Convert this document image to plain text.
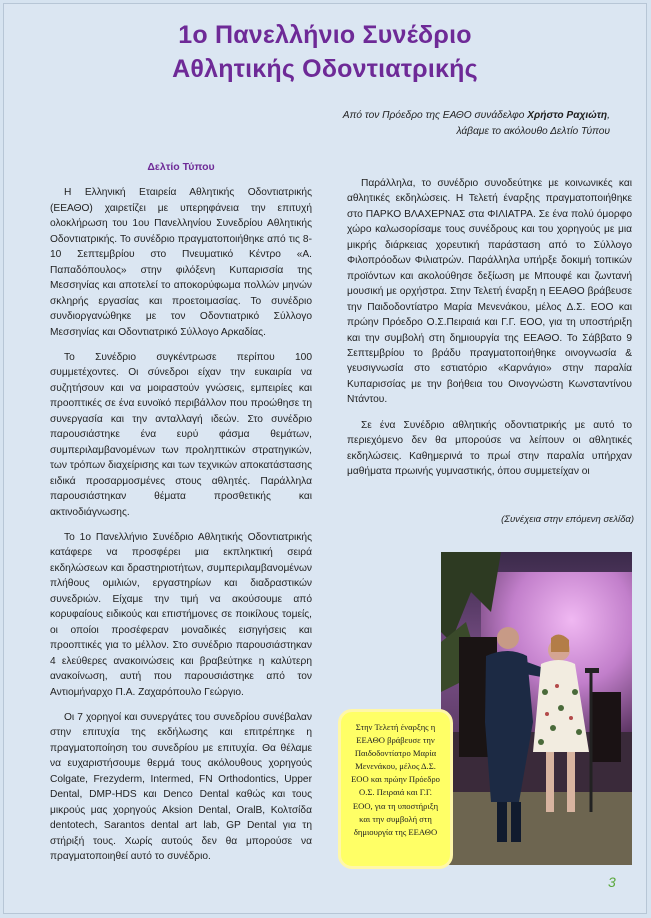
1ο Πανελλήνιο Συνέδριο
Αθλητικής Οδοντιατρικής
Από τον Πρόεδρο της ΕΑΘΟ συνάδελφο Χρήστο Ραχιώτη,
λάβαμε το ακόλουθο Δελτίο Τύπου

Δελτίο Τύπου

Η Ελληνική Εταιρεία Αθλητικής Οδοντιατρικής (ΕΕΑΘΟ) χαιρετίζει με υπερηφάνεια την επιτυχή ολοκλήρωση του 1ου Πανελληνίου Συνεδρίου Αθλητικής Οδοντιατρικής. Το συνέδριο πραγματοποιήθηκε από τις 8-10 Σεπτεμβρίου στο Πνευματικό Κέντρο «Α. Παπαδόπουλος» στην φιλόξενη Κυπαρισσία της Μεσσηνίας και αποτελεί το αποκορύφωμα πολλών μηνών σκληρής εργασίας και προετοιμασίας. Το συνέδριο συνδιοργανώθηκε με τον Οδοντιατρικό Σύλλογο Μεσσηνίας και Οδοντιατρικό Σύλλογο Αρκαδίας.

Το Συνέδριο συγκέντρωσε περίπου 100 συμμετέχοντες. Οι σύνεδροι είχαν την ευκαιρία να συζητήσουν και να μοιραστούν γνώσεις, εμπειρίες και προοπτικές σε ένα ευνοϊκό περιβάλλον που προώθησε τη συνεργασία και την ανταλλαγή ιδεών. Στο συνέδριο παρουσιάστηκε ένα ευρύ φάσμα θεμάτων, συμπεριλαμβανομένων των προληπτικών στρατηγικών, των τρόπων διαχείρισης και των τεχνικών αποκατάστασης ειδικά προσαρμοσμένες στους αθλητές. Παράλληλα παρουσιάστηκαν θέματα προσθετικής και ακτινοδιάγνωσης.

Το 1ο Πανελλήνιο Συνέδριο Αθλητικής Οδοντιατρικής κατάφερε να προσφέρει μια εκπληκτική σειρά εκδηλώσεων και δραστηριοτήτων, συμπεριλαμβανομένων πλήθους ομιλιών, εργαστηρίων και διαδραστικών συνεδριών. Είχαμε την τιμή να ακούσουμε από κορυφαίους ειδικούς και επιστήμονες σε ποικίλους τομείς, οι οποίοι προσέφεραν μοναδικές εισηγήσεις και προοπτικές για το μέλλον. Στο συνέδριο παρουσιάστηκαν 4 ελεύθερες ανακοινώσεις και βραβεύτηκε η καλύτερη ανακοίνωση, αυτή που παρουσιάστηκε από τον Αντιομήναρχο Π.Α. Ζαχαρόπουλο Γεώργιο.

Οι 7 χορηγοί και συνεργάτες του συνεδρίου συνέβαλαν στην επιτυχία της εκδήλωσης και επιτρέπηκε η πραγματοποίηση του συνεδρίου με επιτυχία. Θα θέλαμε να ευχαριστήσουμε θερμά τους ακόλουθους χορηγούς Colgate, Frezyderm, Intermed, FN Orthodontics, Upper Dental, DMP-HDS και Denco Dental καθώς και τους μικρούς μας χορηγούς Aksion Dental, OralB, Κολτσίδα dentotech, Sarantos dental art lab, GP Dental για τη στήριξή τους. Χωρίς αυτούς δεν θα μπορούσε να πραγματοποιηθεί αυτό το συνέδριο.

Παράλληλα, το συνέδριο συνοδεύτηκε με κοινωνικές και αθλητικές εκδηλώσεις. Η Τελετή έναρξης πραγματοποιήθηκε στο ΠΑΡΚΟ ΒΛΑΧΕΡΝΑΣ στα ΦΙΛΙΑΤΡΑ. Σε ένα πολύ όμορφο χώρο καλωσορίσαμε τους συνέδρους και του χορηγούς με μια μικρής διάρκειας χορευτική παράσταση από το Σύλλογο Φιλοπρόοδων Φιλιατρών. Παράλληλα υπήρξε δοκιμή τοπικών προϊόντων και ακολούθησε δεξίωση με Μπουφέ και ζωντανή μουσική με ορχήστρα. Στην Τελετή έναρξη η ΕΕΑΘΟ βράβευσε την Παιδοδοντίατρο Μαρία Μενενάκου, μέλος Δ.Σ. ΕΟΟ και πρώην Πρόεδρο Ο.Σ.Πειραιά και Γ.Γ. ΕΟΟ, για τη υποστήριξη και την συμβολή στη δημιουργία της ΕΕΑΘΟ. Το Σάββατο 9 Σεπτεμβρίου το βράδυ πραγματοποιήθηκε οινογνωσία & γευσιγνωσία στο εστιατόριο «Καρνάγιο» στην παραλία Κυπαρισσίας με την βοήθεια του Οινογνώστη Κωνσταντίνου Ντάντου.

Σε ένα Συνέδριο αθλητικής οδοντιατρικής με αυτό το περιεχόμενο δεν θα μπορούσε να λείπουν οι αθλητικές εκδηλώσεις. Καθημερινά το πρωί στην παραλία υπήρχαν μαθήματα πρωινής γυμναστικής, όπου συμμετείχαν οι

(Συνέχεια στην επόμενη σελίδα)
Στην Τελετή έναρξης η ΕΕΑΘΟ βράβευσε την Παιδοδοντίατρο Μαρία Μενενάκου, μέλος Δ.Σ. ΕΟΟ και πρώην Πρόεδρο Ο.Σ. Πειραιά και Γ.Γ. ΕΟΟ, για τη υποστήριξη και την συμβολή στη δημιουργία της ΕΕΑΘΟ
3
